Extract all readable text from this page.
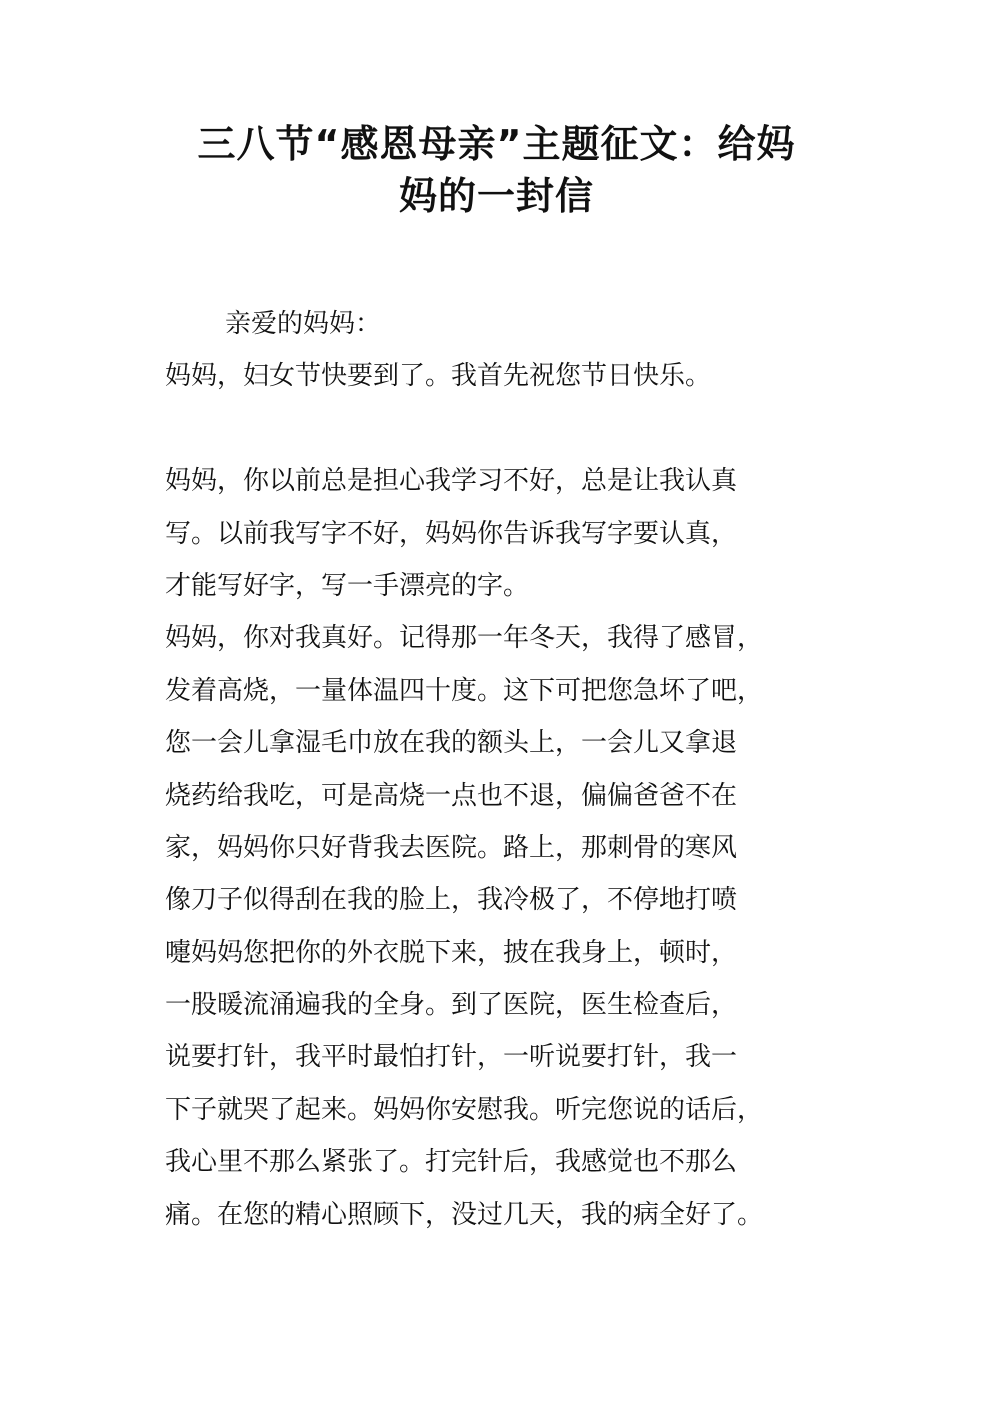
三八节“感恩母亲”主题征文：给妈
妈的一封信
亲爱的妈妈：
妈妈，妇女节快要到了。我首先祝您节日快乐。
妈妈，你以前总是担心我学习不好，总是让我认真
写。以前我写字不好，妈妈你告诉我写字要认真，
才能写好字，写一手漂亮的字。
妈妈，你对我真好。记得那一年冬天，我得了感冒，
发着高烧，一量体温四十度。这下可把您急坏了吧，
您一会儿拿湿毛巾放在我的额头上，一会儿又拿退
烧药给我吃，可是高烧一点也不退，偏偏爸爸不在
家，妈妈你只好背我去医院。路上，那刺骨的寒风
像刀子似得刮在我的脸上，我冷极了，不停地打喷
嚏妈妈您把你的外衣脱下来，披在我身上，顿时，
一股暖流涌遍我的全身。到了医院，医生检查后，
说要打针，我平时最怕打针，一听说要打针，我一
下子就哭了起来。妈妈你安慰我。听完您说的话后，
我心里不那么紧张了。打完针后，我感觉也不那么
痛。在您的精心照顾下，没过几天，我的病全好了。
